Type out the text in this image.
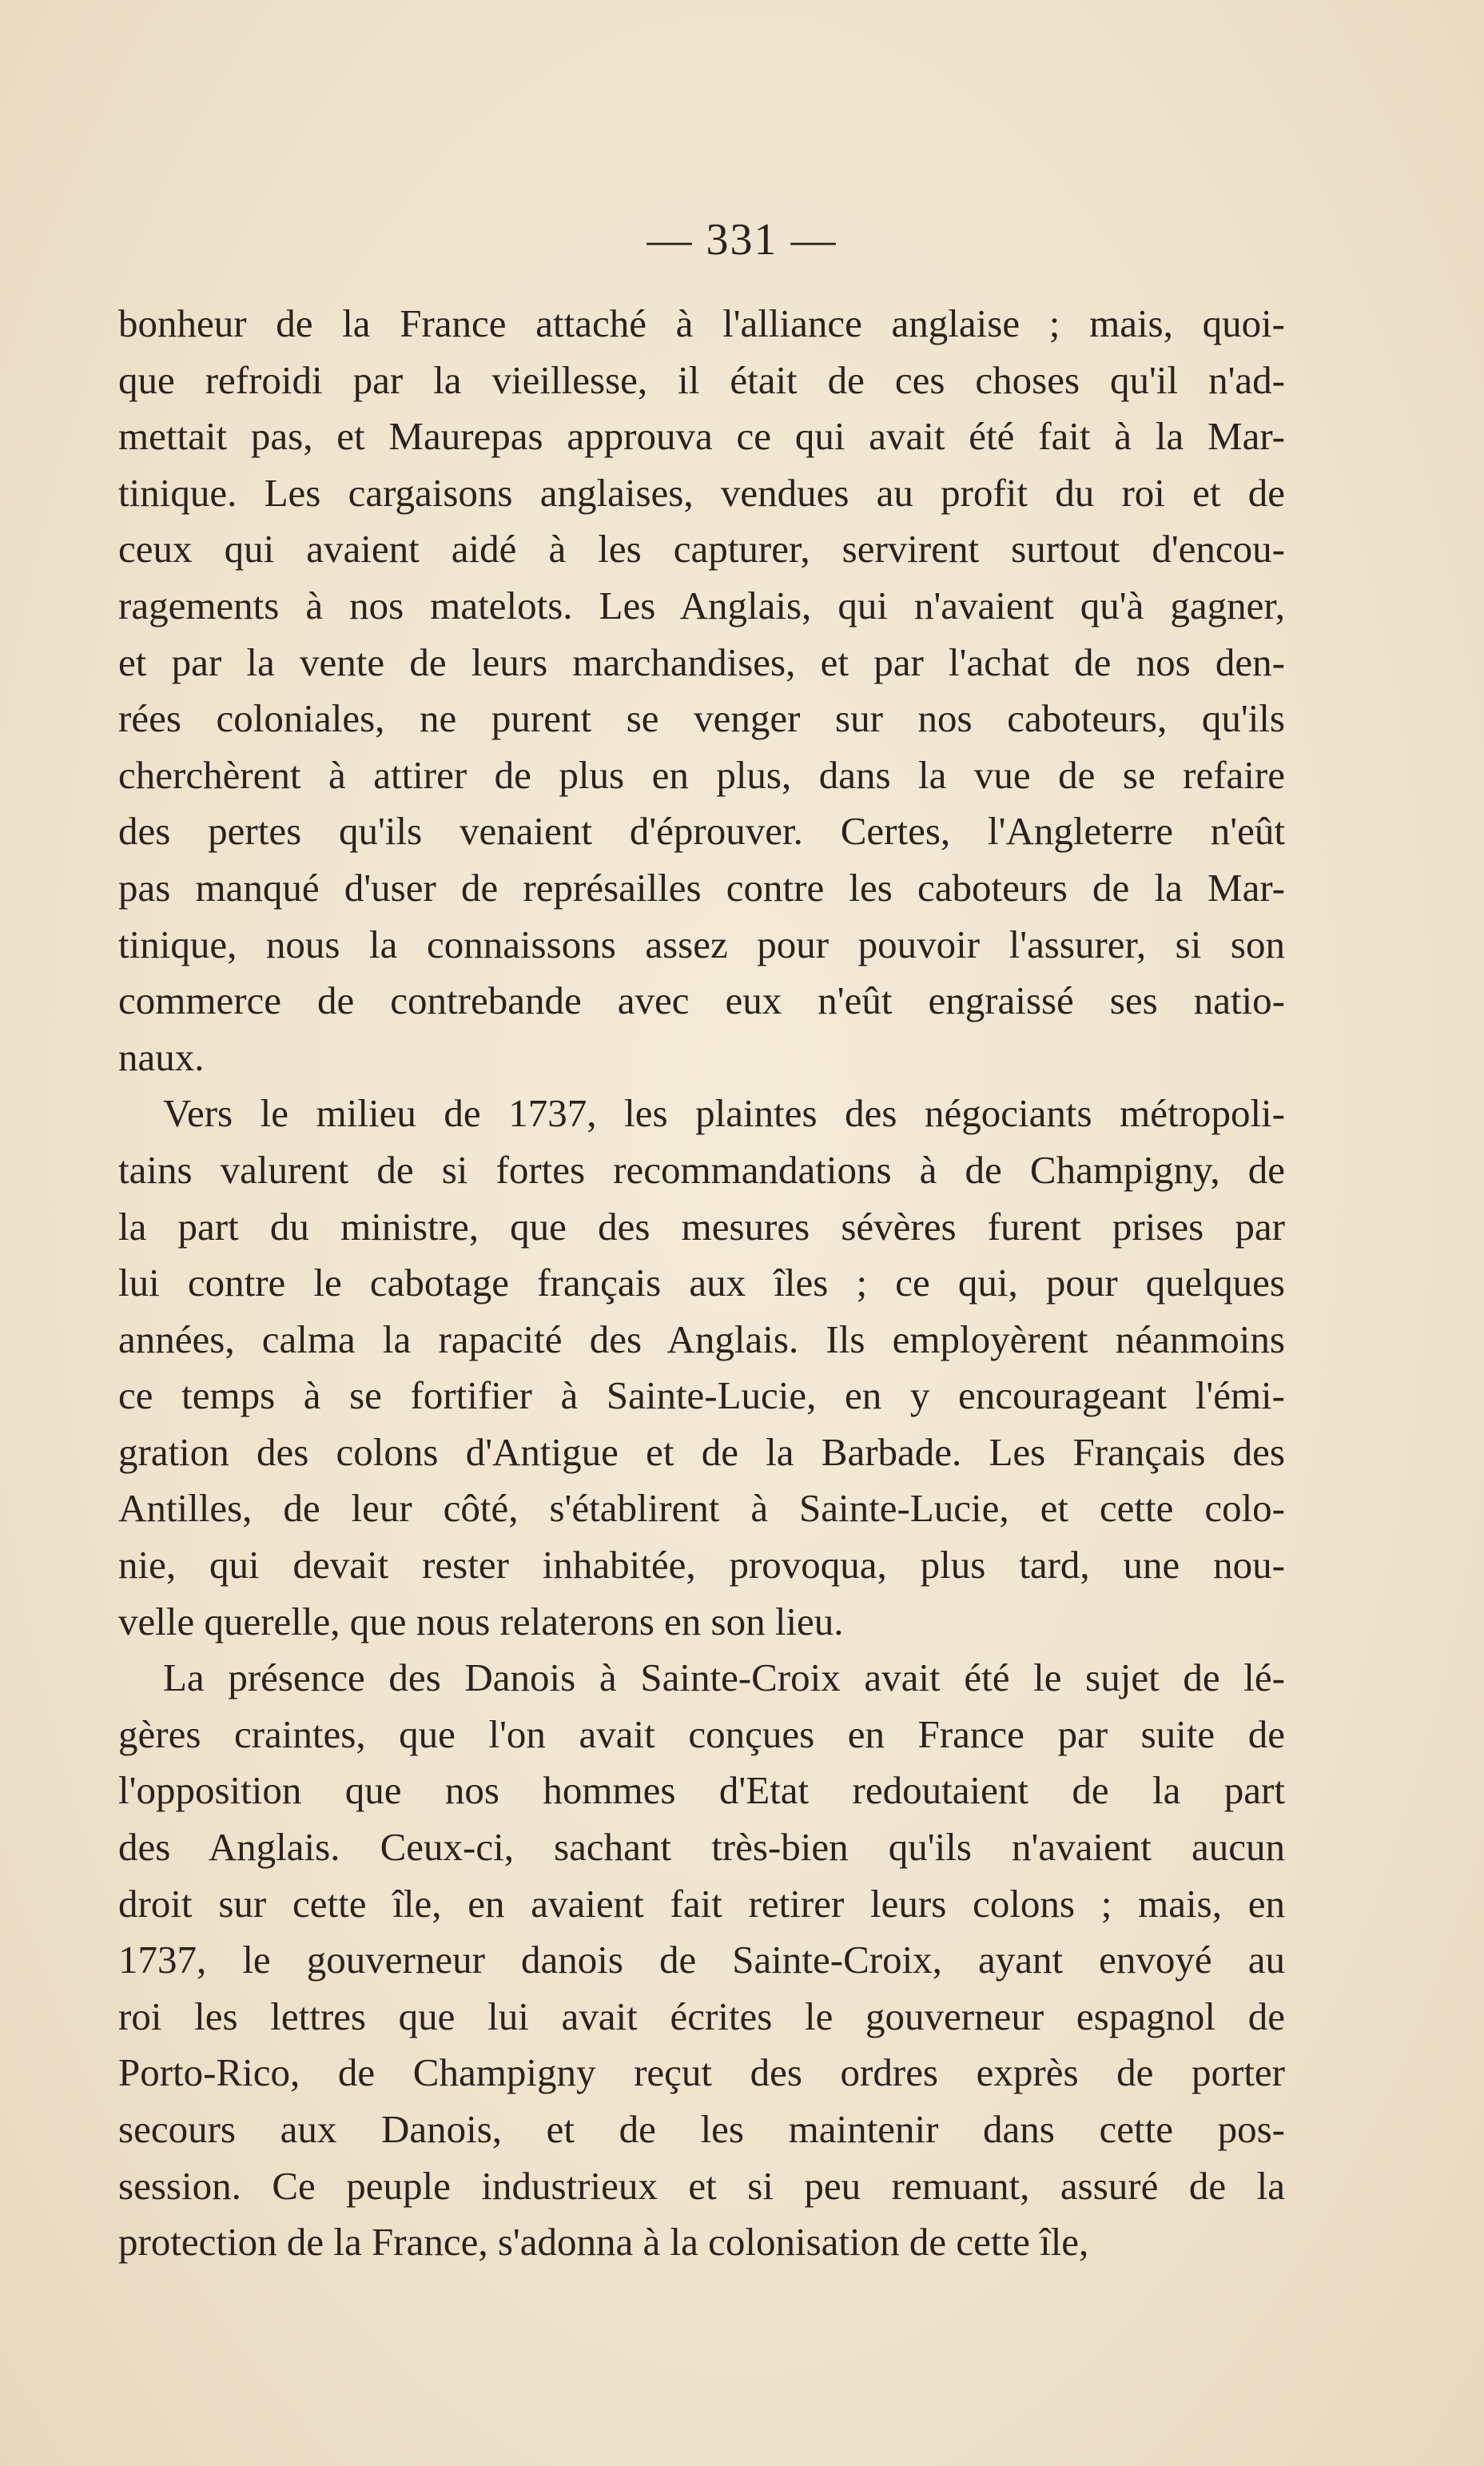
— 331 —
bonheur de la France attaché à l'alliance anglaise ; mais, quoi-
que refroidi par la vieillesse, il était de ces choses qu'il n'ad-
mettait pas, et Maurepas approuva ce qui avait été fait à la Mar-
tinique. Les cargaisons anglaises, vendues au profit du roi et de
ceux qui avaient aidé à les capturer, servirent surtout d'encou-
ragements à nos matelots. Les Anglais, qui n'avaient qu'à gagner,
et par la vente de leurs marchandises, et par l'achat de nos den-
rées coloniales, ne purent se venger sur nos caboteurs, qu'ils
cherchèrent à attirer de plus en plus, dans la vue de se refaire
des pertes qu'ils venaient d'éprouver. Certes, l'Angleterre n'eût
pas manqué d'user de représailles contre les caboteurs de la Mar-
tinique, nous la connaissons assez pour pouvoir l'assurer, si son
commerce de contrebande avec eux n'eût engraissé ses natio-
naux.
Vers le milieu de 1737, les plaintes des négociants métropoli-
tains valurent de si fortes recommandations à de Champigny, de
la part du ministre, que des mesures sévères furent prises par
lui contre le cabotage français aux îles ; ce qui, pour quelques
années, calma la rapacité des Anglais. Ils employèrent néanmoins
ce temps à se fortifier à Sainte-Lucie, en y encourageant l'émi-
gration des colons d'Antigue et de la Barbade. Les Français des
Antilles, de leur côté, s'établirent à Sainte-Lucie, et cette colo-
nie, qui devait rester inhabitée, provoqua, plus tard, une nou-
velle querelle, que nous relaterons en son lieu.
La présence des Danois à Sainte-Croix avait été le sujet de lé-
gères craintes, que l'on avait conçues en France par suite de
l'opposition que nos hommes d'Etat redoutaient de la part
des Anglais. Ceux-ci, sachant très-bien qu'ils n'avaient aucun
droit sur cette île, en avaient fait retirer leurs colons ; mais, en
1737, le gouverneur danois de Sainte-Croix, ayant envoyé au
roi les lettres que lui avait écrites le gouverneur espagnol de
Porto-Rico, de Champigny reçut des ordres exprès de porter
secours aux Danois, et de les maintenir dans cette pos-
session. Ce peuple industrieux et si peu remuant, assuré de la
protection de la France, s'adonna à la colonisation de cette île,
